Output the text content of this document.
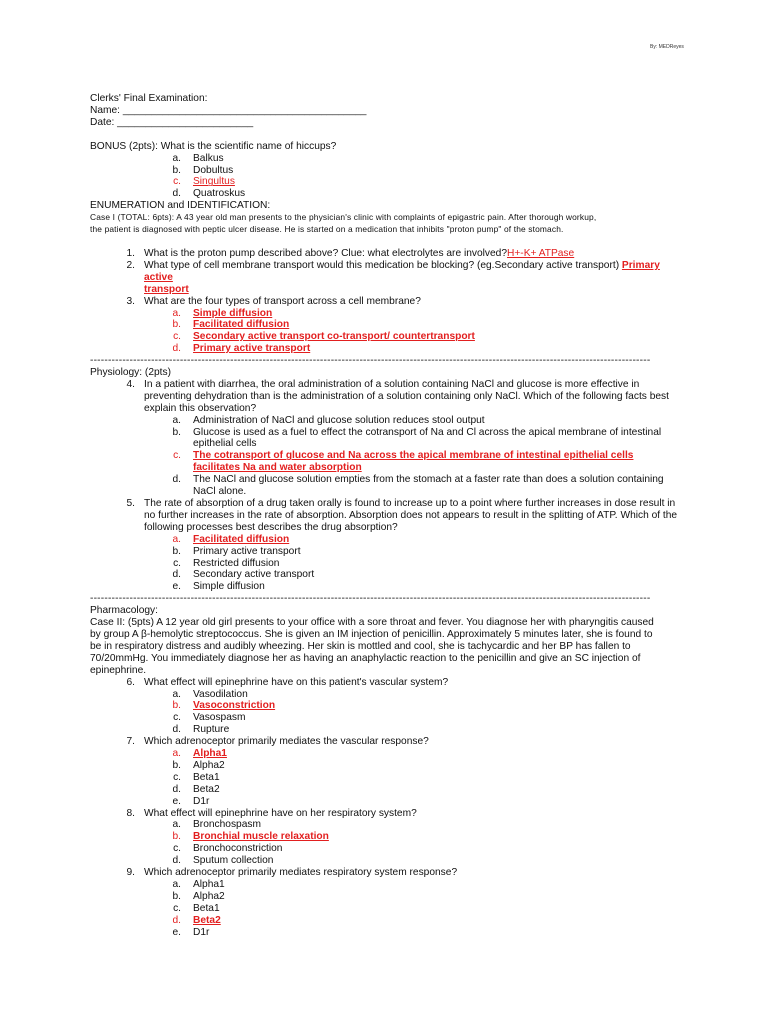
By: MEDReyes
Clerks' Final Examination:
Name: ___________________________________________
Date: ________________________
BONUS (2pts): What is the scientific name of hiccups?
a.	Balkus
b.	Dobultus
c.	Singultus
d.	Quatroskus
ENUMERATION and IDENTIFICATION:
Case I (TOTAL: 6pts): A 43 year old man presents to the physician's clinic with complaints of epigastric pain. After thorough workup,
the patient is diagnosed with peptic ulcer disease. He is started on a medication that inhibits "proton pump" of the stomach.
1. What is the proton pump described above? Clue: what electrolytes are involved?H+-K+ ATPase
2. What type of cell membrane transport would this medication be blocking? (eg.Secondary active transport) Primary active
transport
3. What are the four types of transport across a cell membrane?
a.	Simple diffusion
b.	Facilitated diffusion
c.	Secondary active transport co-transport/ countertransport
d.	Primary active transport
------------------------------------------------------------------------------------------------------------------------------------------------------------
Physiology: (2pts)
4. In a patient with diarrhea, the oral administration of a solution containing NaCl and glucose is more effective in preventing dehydration than is the administration of a solution containing only NaCl. Which of the following facts best explain this observation?
a.	Administration of NaCl and glucose solution reduces stool output
b.	Glucose is used as a fuel to effect the cotransport of Na and Cl across the apical membrane of intestinal epithelial cells
c.	The cotransport of glucose and Na across the apical membrane of intestinal epithelial cells facilitates Na and water absorption
d.	The NaCl and glucose solution empties from the stomach at a faster rate than does a solution containing NaCl alone.
5. The rate of absorption of a drug taken orally is found to increase up to a point where further increases in dose result in no further increases in the rate of absorption. Absorption does not appears to result in the splitting of ATP. Which of the following processes best describes the drug absorption?
a.	Facilitated diffusion
b.	Primary active transport
c.	Restricted diffusion
d.	Secondary active transport
e.	Simple diffusion
------------------------------------------------------------------------------------------------------------------------------------------------------------
Pharmacology:
Case II: (5pts) A 12 year old girl presents to your office with a sore throat and fever. You diagnose her with pharyngitis caused by group A β-hemolytic streptococcus. She is given an IM injection of penicillin. Approximately 5 minutes later, she is found to be in respiratory distress and audibly wheezing. Her skin is mottled and cool, she is tachycardic and her BP has fallen to 70/20mmHg. You immediately diagnose her as having an anaphylactic reaction to the penicillin and give an SC injection of epinephrine.
6. What effect will epinephrine have on this patient's vascular system?
a.	Vasodilation
b.	Vasoconstriction
c.	Vasospasm
d.	Rupture
7. Which adrenoceptor primarily mediates the vascular response?
a.	Alpha1
b.	Alpha2
c.	Beta1
d.	Beta2
e.	D1r
8. What effect will epinephrine have on her respiratory system?
a.	Bronchospasm
b.	Bronchial muscle relaxation
c.	Bronchoconstriction
d.	Sputum collection
9. Which adrenoceptor primarily mediates respiratory system response?
a.	Alpha1
b.	Alpha2
c.	Beta1
d.	Beta2
e.	D1r
